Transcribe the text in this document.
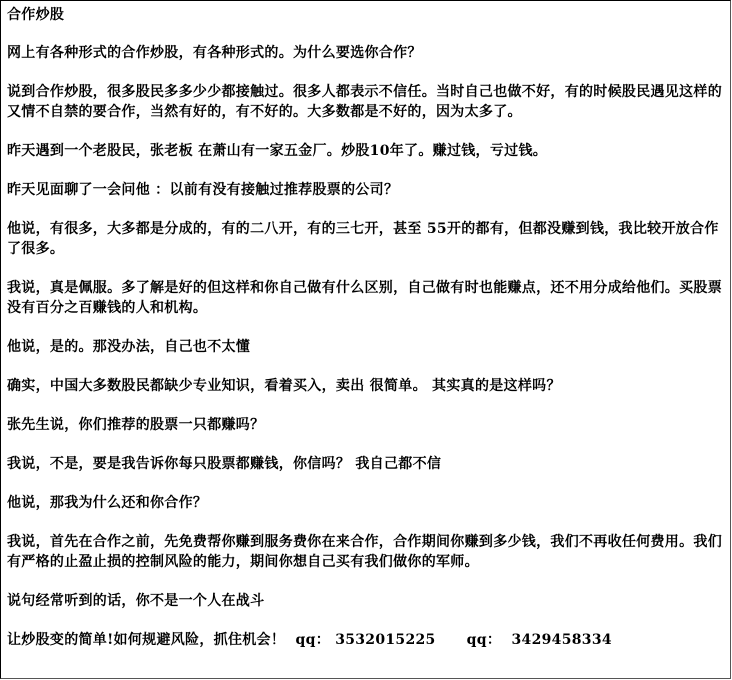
合作炒股
网上有各种形式的合作炒股，有各种形式的。为什么要选你合作？
说到合作炒股，很多股民多多少少都接触过。很多人都表示不信任。当时自己也做不好，有的时候股民遇见这样的又情不自禁的要合作，当然有好的，有不好的。大多数都是不好的，因为太多了。
昨天遇到一个老股民，张老板 在萧山有一家五金厂。炒股10年了。赚过钱，亏过钱。
昨天见面聊了一会问他 ：以前有没有接触过推荐股票的公司？
他说，有很多，大多都是分成的，有的二八开，有的三七开，甚至 55开的都有，但都没赚到钱，我比较开放合作了很多。
我说，真是佩服。多了解是好的但这样和你自己做有什么区别，自己做有时也能赚点，还不用分成给他们。买股票 没有百分之百赚钱的人和机构。
他说，是的。那没办法，自己也不太懂
确实，中国大多数股民都缺少专业知识，看着买入，卖出 很简单。 其实真的是这样吗？
张先生说，你们推荐的股票一只都赚吗？
我说，不是，要是我告诉你每只股票都赚钱，你信吗？ 我自己都不信
他说，那我为什么还和你合作？
我说，首先在合作之前，先免费帮你赚到服务费你在来合作，合作期间你赚到多少钱，我们不再收任何费用。我们有严格的止盈止损的控制风险的能力，期间你想自己买有我们做你的军师。
说句经常听到的话，你不是一个人在战斗
让炒股变的简单!如何规避风险，抓住机会！ qq： 3532015225 qq： 3429458334
